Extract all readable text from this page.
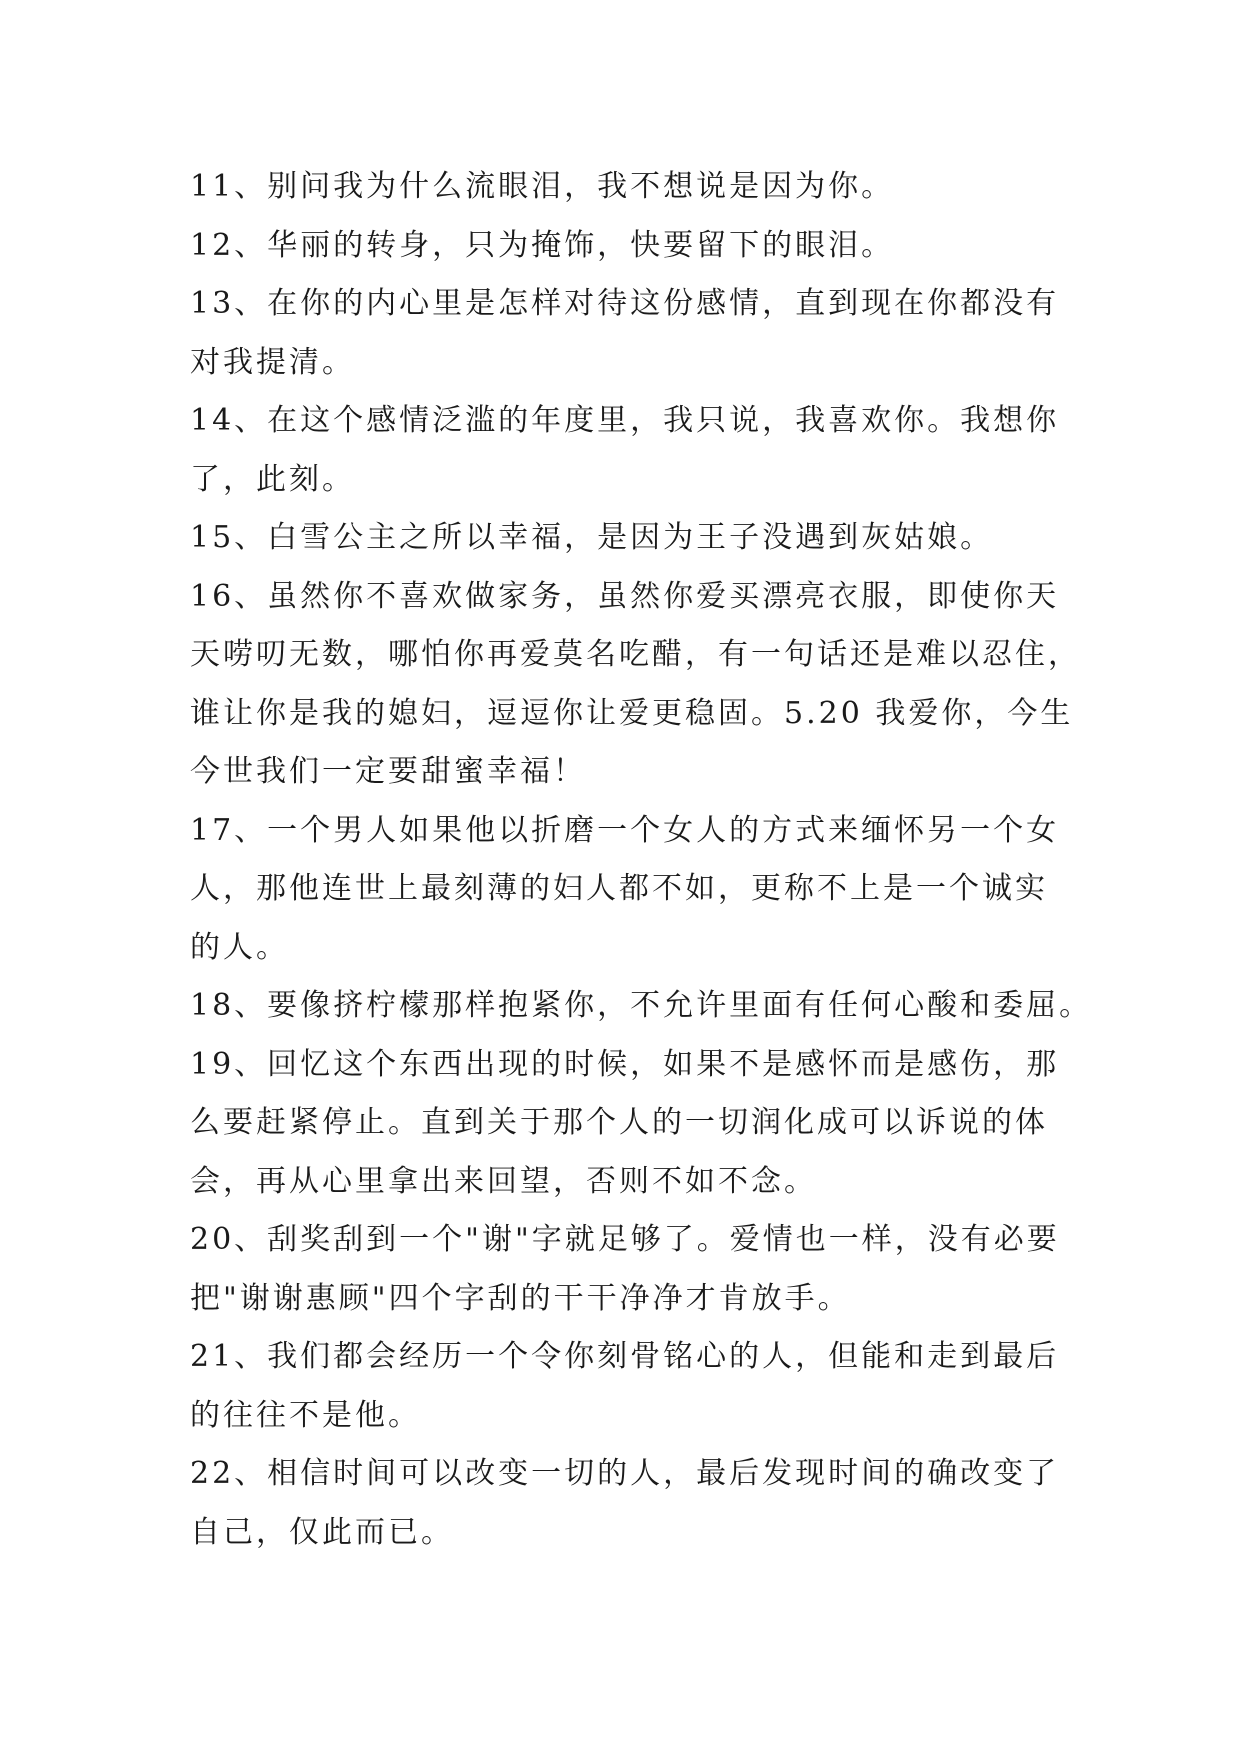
11、别问我为什么流眼泪，我不想说是因为你。
12、华丽的转身，只为掩饰，快要留下的眼泪。
13、在你的内心里是怎样对待这份感情，直到现在你都没有
对我提清。
14、在这个感情泛滥的年度里，我只说，我喜欢你。我想你
了，此刻。
15、白雪公主之所以幸福，是因为王子没遇到灰姑娘。
16、虽然你不喜欢做家务，虽然你爱买漂亮衣服，即使你天
天唠叨无数，哪怕你再爱莫名吃醋，有一句话还是难以忍住，
谁让你是我的媳妇，逗逗你让爱更稳固。5.20 我爱你，今生
今世我们一定要甜蜜幸福！
17、一个男人如果他以折磨一个女人的方式来缅怀另一个女
人，那他连世上最刻薄的妇人都不如，更称不上是一个诚实
的人。
18、要像挤柠檬那样抱紧你，不允许里面有任何心酸和委屈。
19、回忆这个东西出现的时候，如果不是感怀而是感伤，那
么要赶紧停止。直到关于那个人的一切润化成可以诉说的体
会，再从心里拿出来回望，否则不如不念。
20、刮奖刮到一个"谢"字就足够了。爱情也一样，没有必要
把"谢谢惠顾"四个字刮的干干净净才肯放手。
21、我们都会经历一个令你刻骨铭心的人，但能和走到最后
的往往不是他。
22、相信时间可以改变一切的人，最后发现时间的确改变了
自己，仅此而已。
